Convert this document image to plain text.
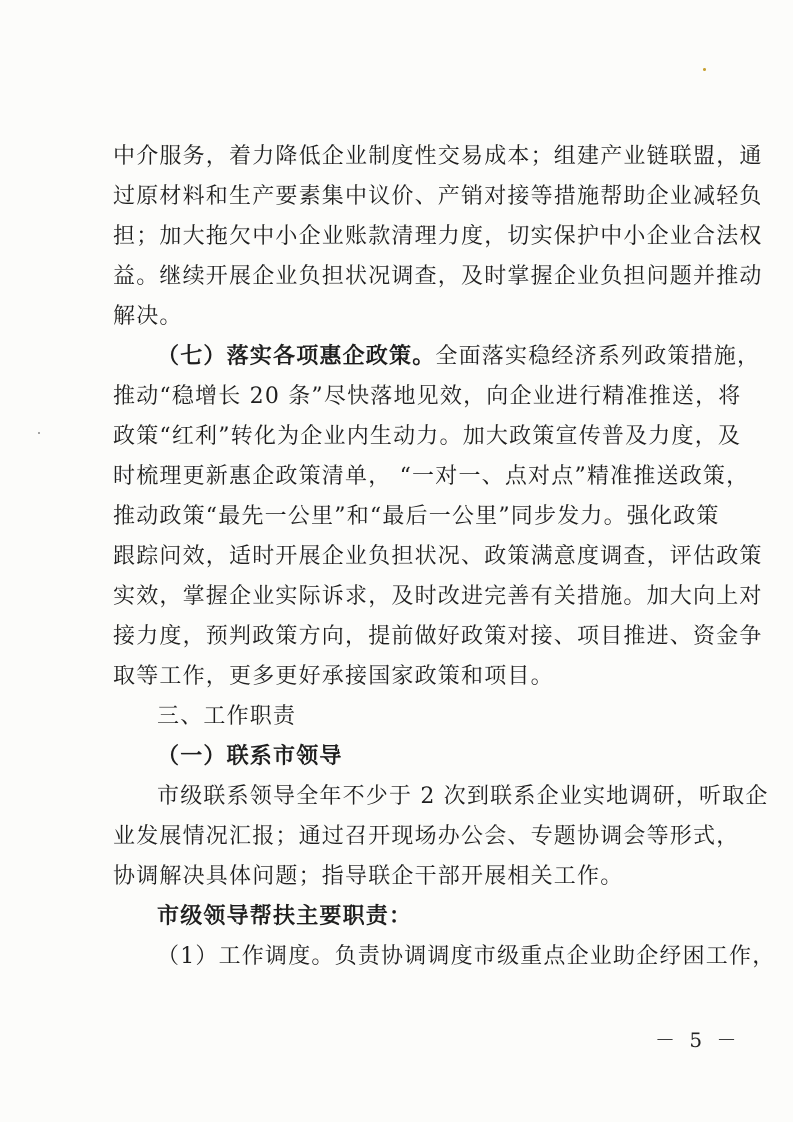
中介服务，着力降低企业制度性交易成本；组建产业链联盟，通
过原材料和生产要素集中议价、产销对接等措施帮助企业减轻负
担；加大拖欠中小企业账款清理力度，切实保护中小企业合法权
益。继续开展企业负担状况调查，及时掌握企业负担问题并推动
解决。
（七）落实各项惠企政策。 全面落实稳经济系列政策措施，
推动“稳增长 20 条”尽快落地见效，向企业进行精准推送，将
政策“红利”转化为企业内生动力。加大政策宣传普及力度，及
时梳理更新惠企政策清单， “一对一、点对点”精准推送政策，
推动政策“最先一公里”和“最后一公里”同步发力。强化政策
跟踪问效，适时开展企业负担状况、政策满意度调查，评估政策
实效，掌握企业实际诉求，及时改进完善有关措施。加大向上对
接力度，预判政策方向，提前做好政策对接、项目推进、资金争
取等工作，更多更好承接国家政策和项目。
三、工作职责
（一）联系市领导
市级联系领导全年不少于 2 次到联系企业实地调研，听取企
业发展情况汇报；通过召开现场办公会、专题协调会等形式，
协调解决具体问题；指导联企干部开展相关工作。
市级领导帮扶主要职责：
（1）工作调度。负责协调调度市级重点企业助企纾困工作，
－ 5 －
